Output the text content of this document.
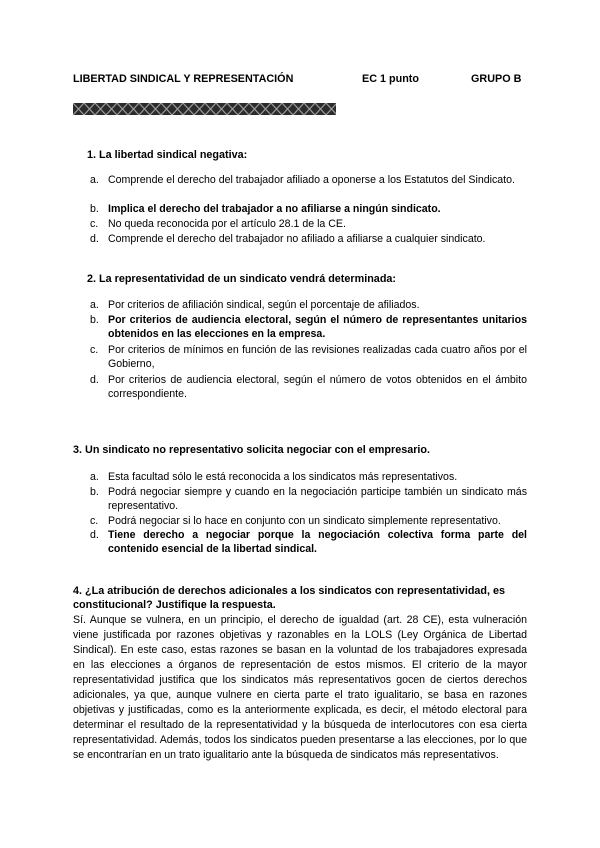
LIBERTAD SINDICAL Y REPRESENTACIÓN	EC 1 punto	GRUPO B
1. La libertad sindical negativa:
a. Comprende el derecho del trabajador afiliado a oponerse a los Estatutos del Sindicato.
b. Implica el derecho del trabajador a no afiliarse a ningún sindicato.
c. No queda reconocida por el artículo 28.1 de la CE.
d. Comprende el derecho del trabajador no afiliado a afiliarse a cualquier sindicato.
2. La representatividad de un sindicato vendrá determinada:
a. Por criterios de afiliación sindical, según el porcentaje de afiliados.
b. Por criterios de audiencia electoral, según el número de representantes unitarios obtenidos en las elecciones en la empresa.
c. Por criterios de mínimos en función de las revisiones realizadas cada cuatro años por el Gobierno,
d. Por criterios de audiencia electoral, según el número de votos obtenidos en el ámbito correspondiente.
3. Un sindicato no representativo solicita negociar con el empresario.
a. Esta facultad sólo le está reconocida a los sindicatos más representativos.
b. Podrá negociar siempre y cuando en la negociación participe también un sindicato más representativo.
c. Podrá negociar si lo hace en conjunto con un sindicato simplemente representativo.
d. Tiene derecho a negociar porque la negociación colectiva forma parte del contenido esencial de la libertad sindical.
4. ¿La atribución de derechos adicionales a los sindicatos con representatividad, es constitucional? Justifique la respuesta.
Sí. Aunque se vulnera, en un principio, el derecho de igualdad (art. 28 CE), esta vulneración viene justificada por razones objetivas y razonables en la LOLS (Ley Orgánica de Libertad Sindical). En este caso, estas razones se basan en la voluntad de los trabajadores expresada en las elecciones a órganos de representación de estos mismos. El criterio de la mayor representatividad justifica que los sindicatos más representativos gocen de ciertos derechos adicionales, ya que, aunque vulnere en cierta parte el trato igualitario, se basa en razones objetivas y justificadas, como es la anteriormente explicada, es decir, el método electoral para determinar el resultado de la representatividad y la búsqueda de interlocutores con esa cierta representatividad. Además, todos los sindicatos pueden presentarse a las elecciones, por lo que se encontrarían en un trato igualitario ante la búsqueda de sindicatos más representativos.
